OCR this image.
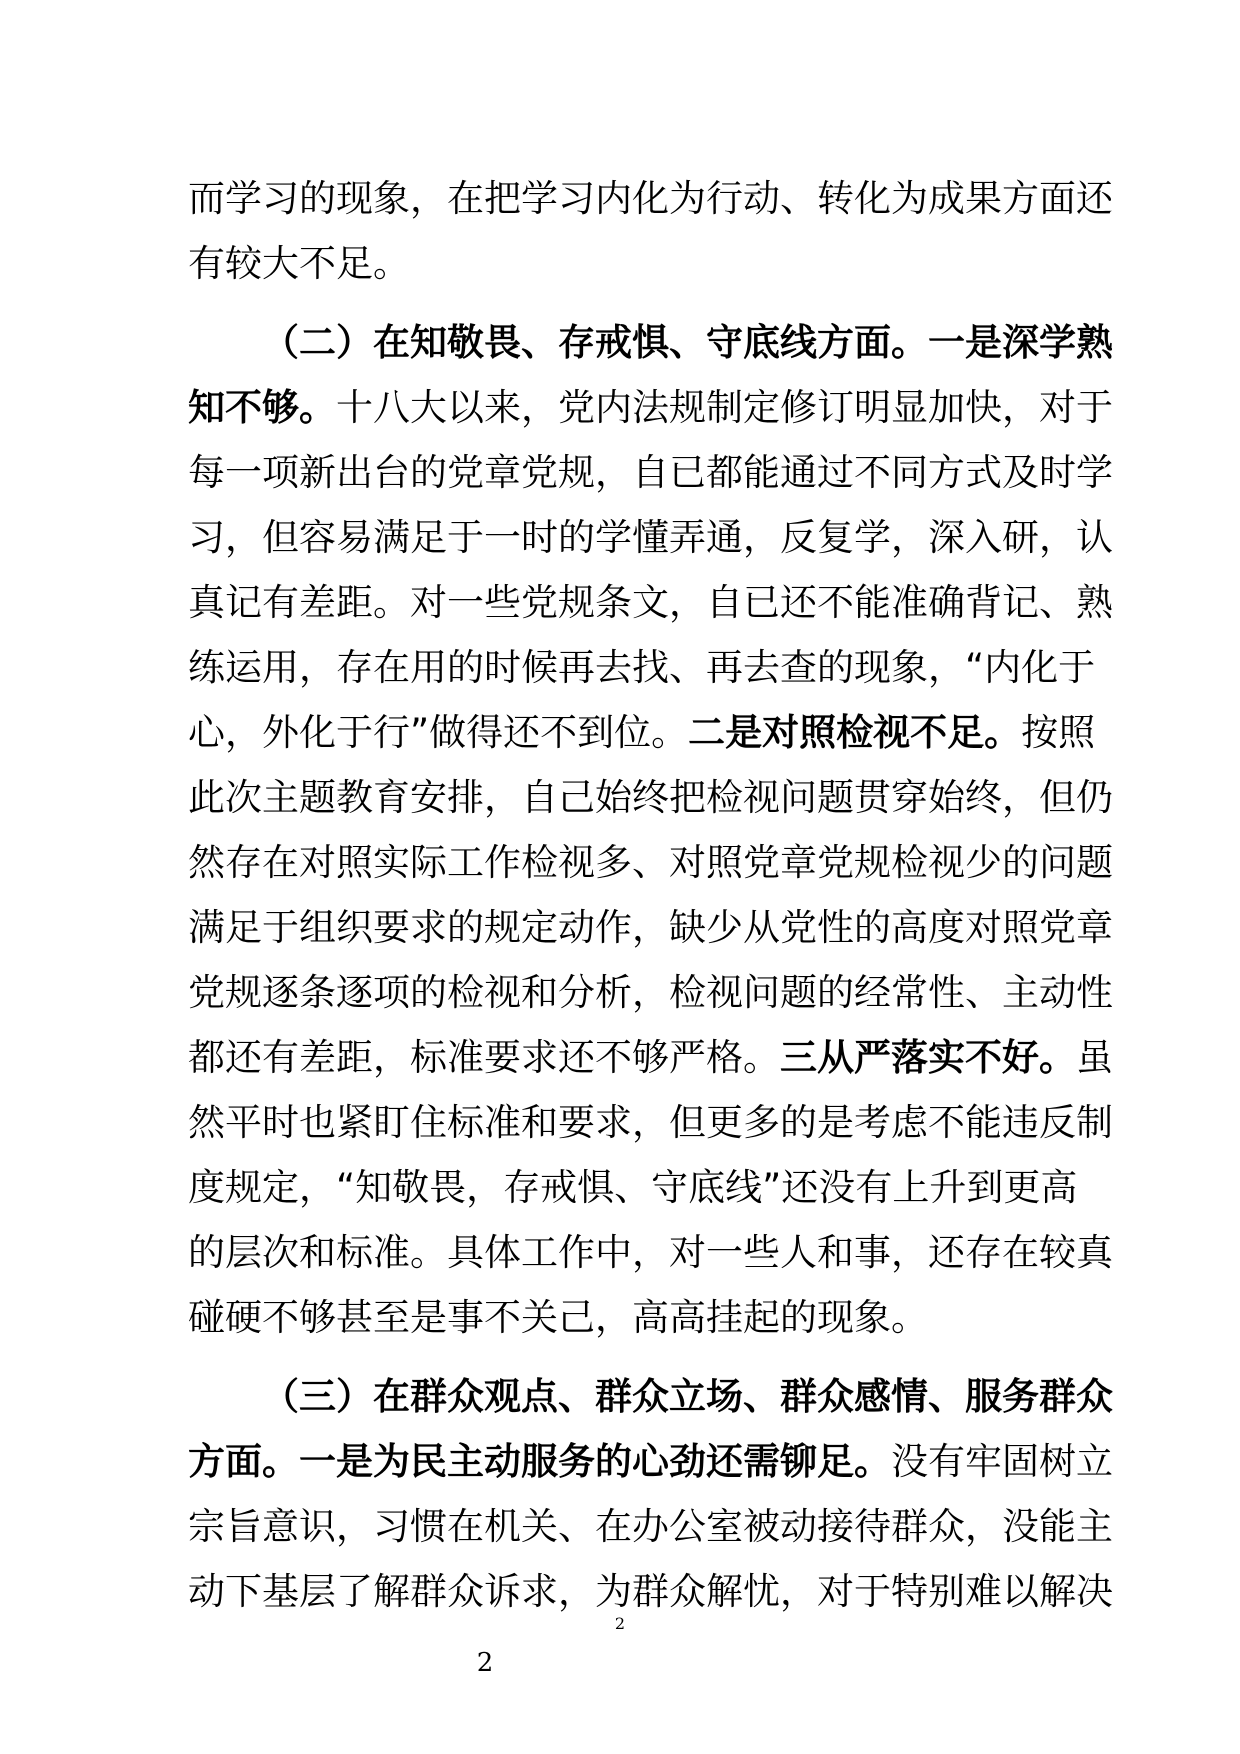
而学习的现象，在把学习内化为行动、转化为成果方面还
有较大不足。
（二）在知敬畏、存戒惧、守底线方面。一是深学熟
知不够。十八大以来，党内法规制定修订明显加快，对于
每一项新出台的党章党规，自已都能通过不同方式及时学
习，但容易满足于一时的学懂弄通，反复学，深入研，认
真记有差距。对一些党规条文，自已还不能准确背记、熟
练运用，存在用的时候再去找、再去查的现象，“内化于
心，外化于行”做得还不到位。二是对照检视不足。按照
此次主题教育安排，自己始终把检视问题贯穿始终，但仍
然存在对照实际工作检视多、对照党章党规检视少的问题
满足于组织要求的规定动作，缺少从党性的高度对照党章
党规逐条逐项的检视和分析，检视问题的经常性、主动性
都还有差距，标准要求还不够严格。三从严落实不好。虽
然平时也紧盯住标准和要求，但更多的是考虑不能违反制
度规定，“知敬畏，存戒惧、守底线”还没有上升到更高
的层次和标准。具体工作中，对一些人和事，还存在较真
碰硬不够甚至是事不关己，高高挂起的现象。
（三）在群众观点、群众立场、群众感情、服务群众
方面。一是为民主动服务的心劲还需铆足。没有牢固树立
宗旨意识，习惯在机关、在办公室被动接待群众，没能主
动下基层了解群众诉求，为群众解忧，对于特别难以解决
2
2
